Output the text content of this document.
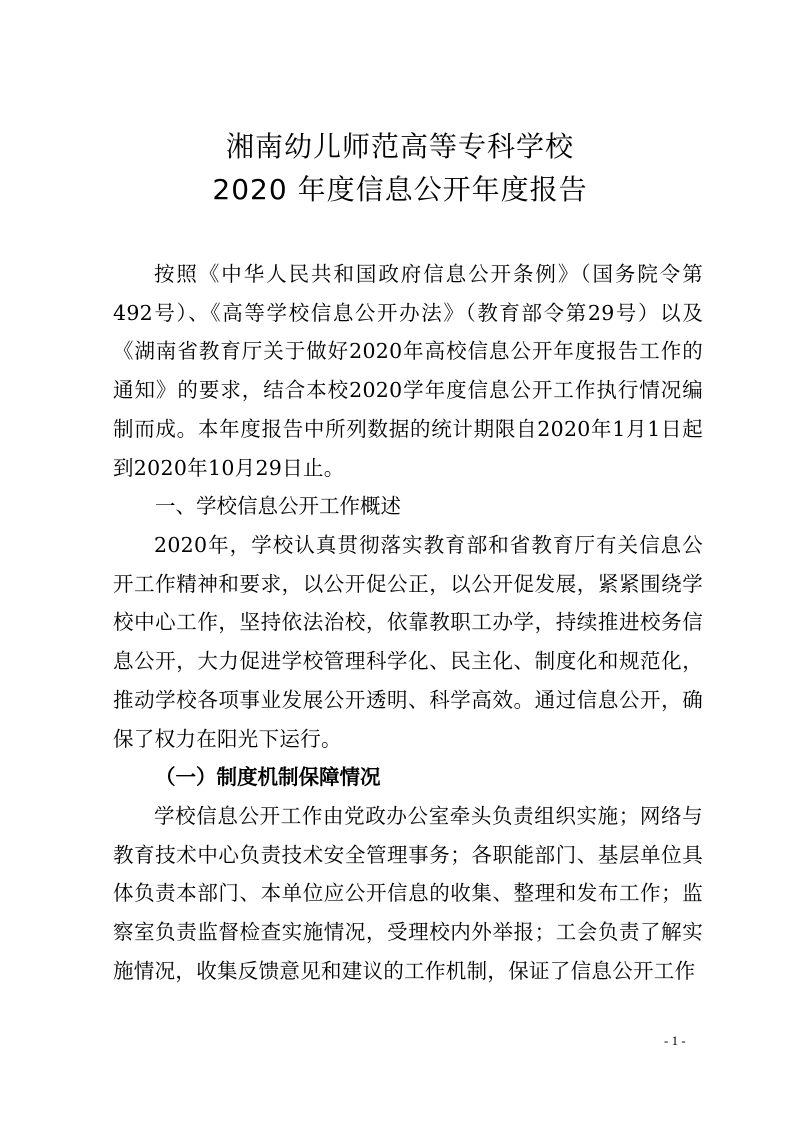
湘南幼儿师范高等专科学校
2020 年度信息公开年度报告
按照《中华人民共和国政府信息公开条例》（国务院令第492号）、《高等学校信息公开办法》（教育部令第29号）以及《湖南省教育厅关于做好2020年高校信息公开年度报告工作的通知》的要求，结合本校2020学年度信息公开工作执行情况编制而成。本年度报告中所列数据的统计期限自2020年1月1日起到2020年10月29日止。
一、学校信息公开工作概述
2020年，学校认真贯彻落实教育部和省教育厅有关信息公开工作精神和要求，以公开促公正，以公开促发展，紧紧围绕学校中心工作，坚持依法治校，依靠教职工办学，持续推进校务信息公开，大力促进学校管理科学化、民主化、制度化和规范化，推动学校各项事业发展公开透明、科学高效。通过信息公开，确保了权力在阳光下运行。
（一）制度机制保障情况
学校信息公开工作由党政办公室牵头负责组织实施；网络与教育技术中心负责技术安全管理事务；各职能部门、基层单位具体负责本部门、本单位应公开信息的收集、整理和发布工作；监察室负责监督检查实施情况，受理校内外举报；工会负责了解实施情况，收集反馈意见和建议的工作机制，保证了信息公开工作
- 1 -
